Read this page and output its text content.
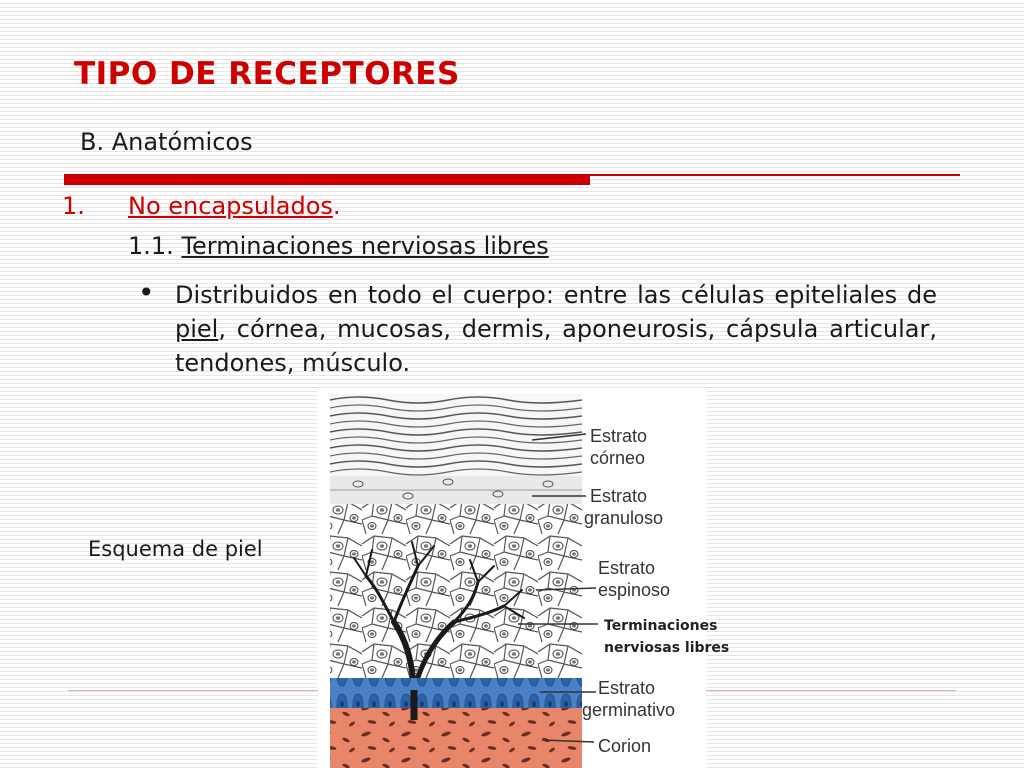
TIPO DE RECEPTORES
B. Anatómicos
1. No encapsulados.
1.1. Terminaciones nerviosas libres
• Distribuidos en todo el cuerpo: entre las células epiteliales de piel, córnea, mucosas, dermis, aponeurosis, cápsula articular, tendones, músculo.
Esquema de piel
Estrato
córneo
Estrato
granuloso
Estrato
espinoso
Terminaciones
nerviosas libres
Estrato
germinativo
Corion
